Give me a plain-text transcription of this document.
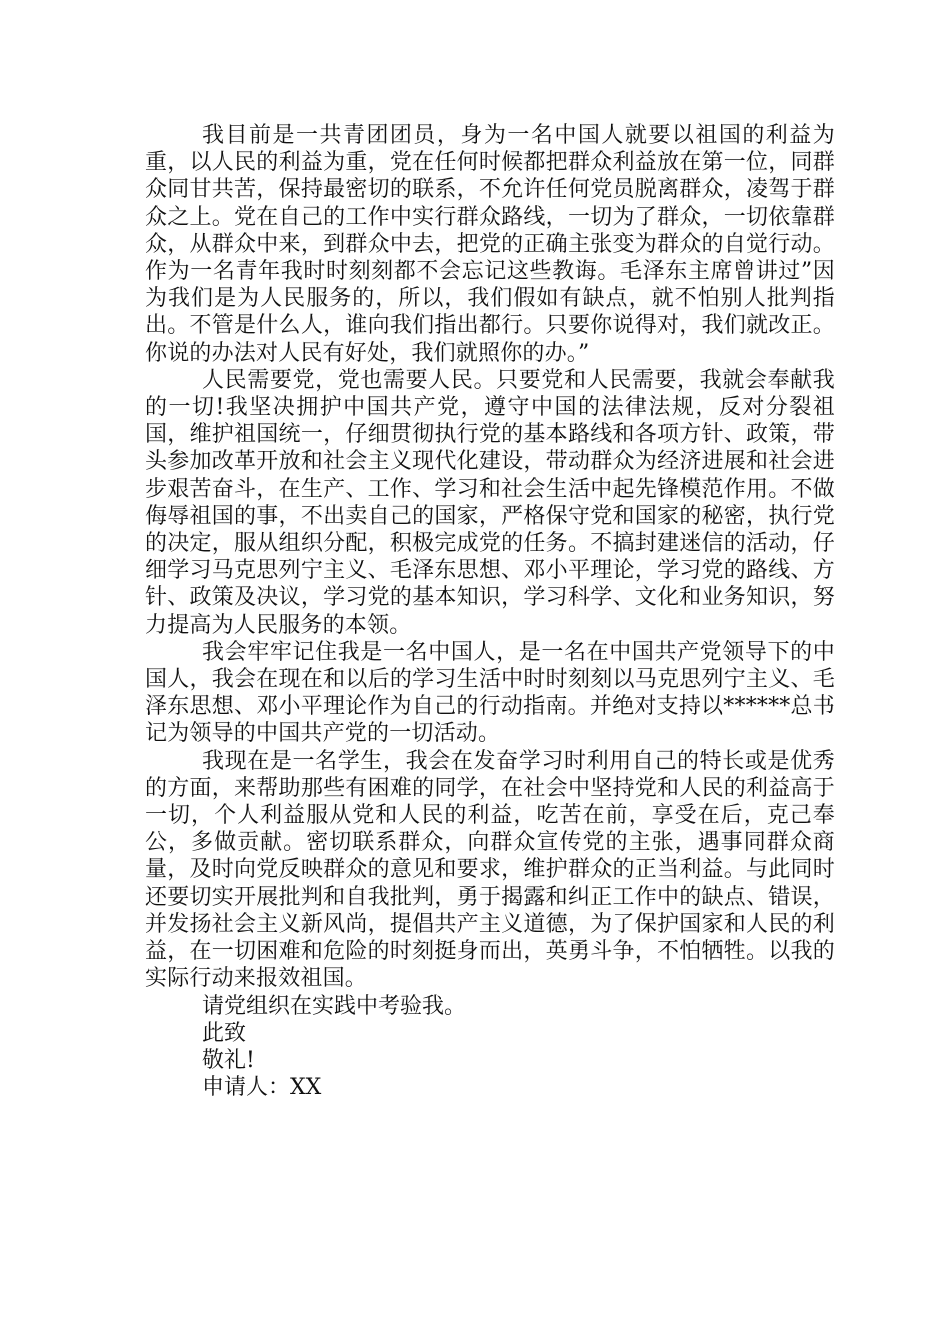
我目前是一共青团团员，身为一名中国人就要以祖国的利益为重，以人民的利益为重，党在任何时候都把群众利益放在第一位，同群众同甘共苦，保持最密切的联系，不允许任何党员脱离群众，凌驾于群众之上。党在自己的工作中实行群众路线，一切为了群众，一切依靠群众，从群众中来，到群众中去，把党的正确主张变为群众的自觉行动。作为一名青年我时时刻刻都不会忘记这些教诲。毛泽东主席曾讲过”因为我们是为人民服务的，所以，我们假如有缺点，就不怕别人批判指出。不管是什么人，谁向我们指出都行。只要你说得对，我们就改正。你说的办法对人民有好处，我们就照你的办。”

人民需要党，党也需要人民。只要党和人民需要，我就会奉献我的一切!我坚决拥护中国共产党，遵守中国的法律法规，反对分裂祖国，维护祖国统一，仔细贯彻执行党的基本路线和各项方针、政策，带头参加改革开放和社会主义现代化建设，带动群众为经济进展和社会进步艰苦奋斗，在生产、工作、学习和社会生活中起先锋模范作用。不做侮辱祖国的事，不出卖自己的国家，严格保守党和国家的秘密，执行党的决定，服从组织分配，积极完成党的任务。不搞封建迷信的活动，仔细学习马克思列宁主义、毛泽东思想、邓小平理论，学习党的路线、方针、政策及决议，学习党的基本知识，学习科学、文化和业务知识，努力提高为人民服务的本领。

我会牢牢记住我是一名中国人，是一名在中国共产党领导下的中国人，我会在现在和以后的学习生活中时时刻刻以马克思列宁主义、毛泽东思想、邓小平理论作为自己的行动指南。并绝对支持以******总书记为领导的中国共产党的一切活动。

我现在是一名学生，我会在发奋学习时利用自己的特长或是优秀的方面，来帮助那些有困难的同学，在社会中坚持党和人民的利益高于一切，个人利益服从党和人民的利益，吃苦在前，享受在后，克己奉公，多做贡献。密切联系群众，向群众宣传党的主张，遇事同群众商量，及时向党反映群众的意见和要求，维护群众的正当利益。与此同时还要切实开展批判和自我批判，勇于揭露和纠正工作中的缺点、错误，并发扬社会主义新风尚，提倡共产主义道德，为了保护国家和人民的利益，在一切困难和危险的时刻挺身而出，英勇斗争，不怕牺牲。以我的实际行动来报效祖国。

请党组织在实践中考验我。
此致
敬礼!
申请人：XX
